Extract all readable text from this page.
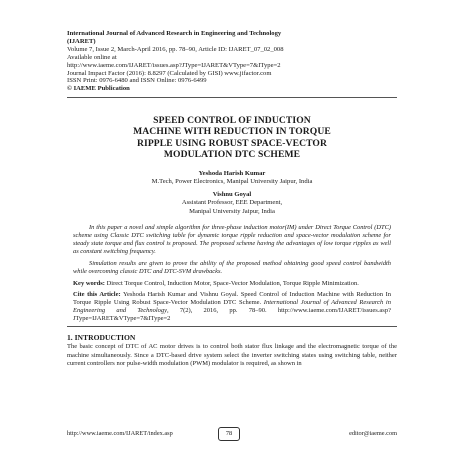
International Journal of Advanced Research in Engineering and Technology
(IJARET)
Volume 7, Issue 2, March-April 2016, pp. 78–90, Article ID: IJARET_07_02_008
Available online at
http://www.iaeme.com/IJARET/issues.asp?JType=IJARET&VType=7&IType=2
Journal Impact Factor (2016): 8.8297 (Calculated by GISI) www.jifactor.com
ISSN Print: 0976-6480 and ISSN Online: 0976-6499
© IAEME Publication
SPEED CONTROL OF INDUCTION
MACHINE WITH REDUCTION IN TORQUE
RIPPLE USING ROBUST SPACE-VECTOR
MODULATION DTC SCHEME
Yeshoda Harish Kumar
M.Tech, Power Electronics, Manipal University Jaipur, India
Vishnu Goyal
Assistant Professor, EEE Department,
Manipal University Jaipur, India

In this paper a novel and simple algorithm for three-phase induction motor(IM) under Direct Torque Control (DTC) scheme using Classic DTC switching table for dynamic torque ripple reduction and space-vector modulation scheme for steady state torque and flux control is proposed. The proposed scheme having the advantages of low torque ripples as well as constant switching frequency.

Simulation results are given to prove the ability of the proposed method obtaining good speed control bandwidth while overcoming classic DTC and DTC-SVM drawbacks.

Key words: Direct Torque Control, Induction Motor, Space-Vector Modulation, Torque Ripple Minimization.

Cite this Article: Yeshoda Harish Kumar and Vishnu Goyal. Speed Control of Induction Machine with Reduction In Torque Ripple Using Robust Space-Vector Modulation DTC Scheme. International Journal of Advanced Research in Engineering and Technology, 7(2), 2016, pp. 78–90. http://www.iaeme.com/IJARET/issues.asp?JType=IJARET&VType=7&IType=2

1. INTRODUCTION

The basic concept of DTC of AC motor drives is to control both stator flux linkage and the electromagnetic torque of the machine simultaneously. Since a DTC-based drive system select the inverter switching states using switching table, neither current controllers nor pulse-width modulation (PWM) modulator is required, as shown in

http://www.iaeme.com/IJARET/index.asp	78	editor@iaeme.com
